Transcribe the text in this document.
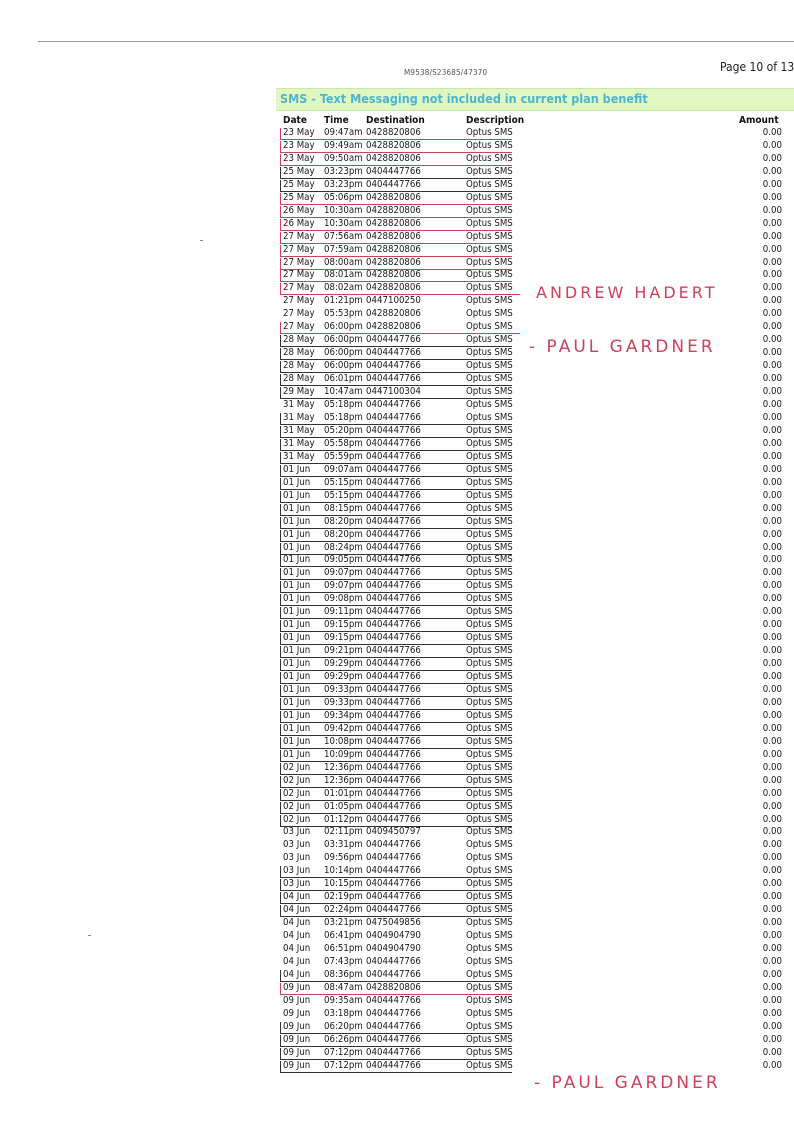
M9538/S23685/47370	Page 10 of 13
SMS - Text Messaging not included in current plan benefit
Date Time Destination	Description	Amount
23 May 09:47am 0428820806	Optus SMS	0.00
23 May 09:49am 0428820806	Optus SMS	0.00
23 May 09:50am 0428820806	Optus SMS	0.00
25 May 03:23pm 0404447766	Optus SMS	0.00
25 May 03:23pm 0404447766	Optus SMS	0.00
25 May 05:06pm 0428820806	Optus SMS	0.00
26 May 10:30am 0428820806	Optus SMS	0.00
26 May 10:30am 0428820806	Optus SMS	0.00
27 May 07:56am 0428820806	Optus SMS	0.00
27 May 07:59am 0428820806	Optus SMS	0.00
27 May 08:00am 0428820806	Optus SMS	0.00
27 May 08:01am 0428820806	Optus SMS	0.00
27 May 08:02am 0428820806	Optus SMS	0.00
27 May 01:21pm 0447100250	Optus SMS	0.00
27 May 05:53pm 0428820806	Optus SMS	0.00
27 May 06:00pm 0428820806	Optus SMS	0.00
28 May 06:00pm 0404447766	Optus SMS	0.00
28 May 06:00pm 0404447766	Optus SMS	0.00
28 May 06:00pm 0404447766	Optus SMS	0.00
28 May 06:01pm 0404447766	Optus SMS	0.00
29 May 10:47am 0447100304	Optus SMS	0.00
31 May 05:18pm 0404447766	Optus SMS	0.00
31 May 05:18pm 0404447766	Optus SMS	0.00
31 May 05:20pm 0404447766	Optus SMS	0.00
31 May 05:58pm 0404447766	Optus SMS	0.00
31 May 05:59pm 0404447766	Optus SMS	0.00
01 Jun 09:07am 0404447766	Optus SMS	0.00
01 Jun 05:15pm 0404447766	Optus SMS	0.00
01 Jun 05:15pm 0404447766	Optus SMS	0.00
01 Jun 08:15pm 0404447766	Optus SMS	0.00
01 Jun 08:20pm 0404447766	Optus SMS	0.00
01 Jun 08:20pm 0404447766	Optus SMS	0.00
01 Jun 08:24pm 0404447766	Optus SMS	0.00
01 Jun 09:05pm 0404447766	Optus SMS	0.00
01 Jun 09:07pm 0404447766	Optus SMS	0.00
01 Jun 09:07pm 0404447766	Optus SMS	0.00
01 Jun 09:08pm 0404447766	Optus SMS	0.00
01 Jun 09:11pm 0404447766	Optus SMS	0.00
01 Jun 09:15pm 0404447766	Optus SMS	0.00
01 Jun 09:15pm 0404447766	Optus SMS	0.00
01 Jun 09:21pm 0404447766	Optus SMS	0.00
01 Jun 09:29pm 0404447766	Optus SMS	0.00
01 Jun 09:29pm 0404447766	Optus SMS	0.00
01 Jun 09:33pm 0404447766	Optus SMS	0.00
01 Jun 09:33pm 0404447766	Optus SMS	0.00
01 Jun 09:34pm 0404447766	Optus SMS	0.00
01 Jun 09:42pm 0404447766	Optus SMS	0.00
01 Jun 10:08pm 0404447766	Optus SMS	0.00
01 Jun 10:09pm 0404447766	Optus SMS	0.00
02 Jun 12:36pm 0404447766	Optus SMS	0.00
02 Jun 12:36pm 0404447766	Optus SMS	0.00
02 Jun 01:01pm 0404447766	Optus SMS	0.00
02 Jun 01:05pm 0404447766	Optus SMS	0.00
02 Jun 01:12pm 0404447766	Optus SMS	0.00
03 Jun 02:11pm 0409450797	Optus SMS	0.00
03 Jun 03:31pm 0404447766	Optus SMS	0.00
03 Jun 09:56pm 0404447766	Optus SMS	0.00
03 Jun 10:14pm 0404447766	Optus SMS	0.00
03 Jun 10:15pm 0404447766	Optus SMS	0.00
04 Jun 02:19pm 0404447766	Optus SMS	0.00
04 Jun 02:24pm 0404447766	Optus SMS	0.00
04 Jun 03:21pm 0475049856	Optus SMS	0.00
04 Jun 06:41pm 0404904790	Optus SMS	0.00
04 Jun 06:51pm 0404904790	Optus SMS	0.00
04 Jun 07:43pm 0404447766	Optus SMS	0.00
04 Jun 08:36pm 0404447766	Optus SMS	0.00
09 Jun 08:47am 0428820806	Optus SMS	0.00
09 Jun 09:35am 0404447766	Optus SMS	0.00
09 Jun 03:18pm 0404447766	Optus SMS	0.00
09 Jun 06:20pm 0404447766	Optus SMS	0.00
09 Jun 06:26pm 0404447766	Optus SMS	0.00
09 Jun 07:12pm 0404447766	Optus SMS	0.00
09 Jun 07:12pm 0404447766	Optus SMS	0.00
ANDREW HADERT
- PAUL GARDNER
- PAUL GARDNER
